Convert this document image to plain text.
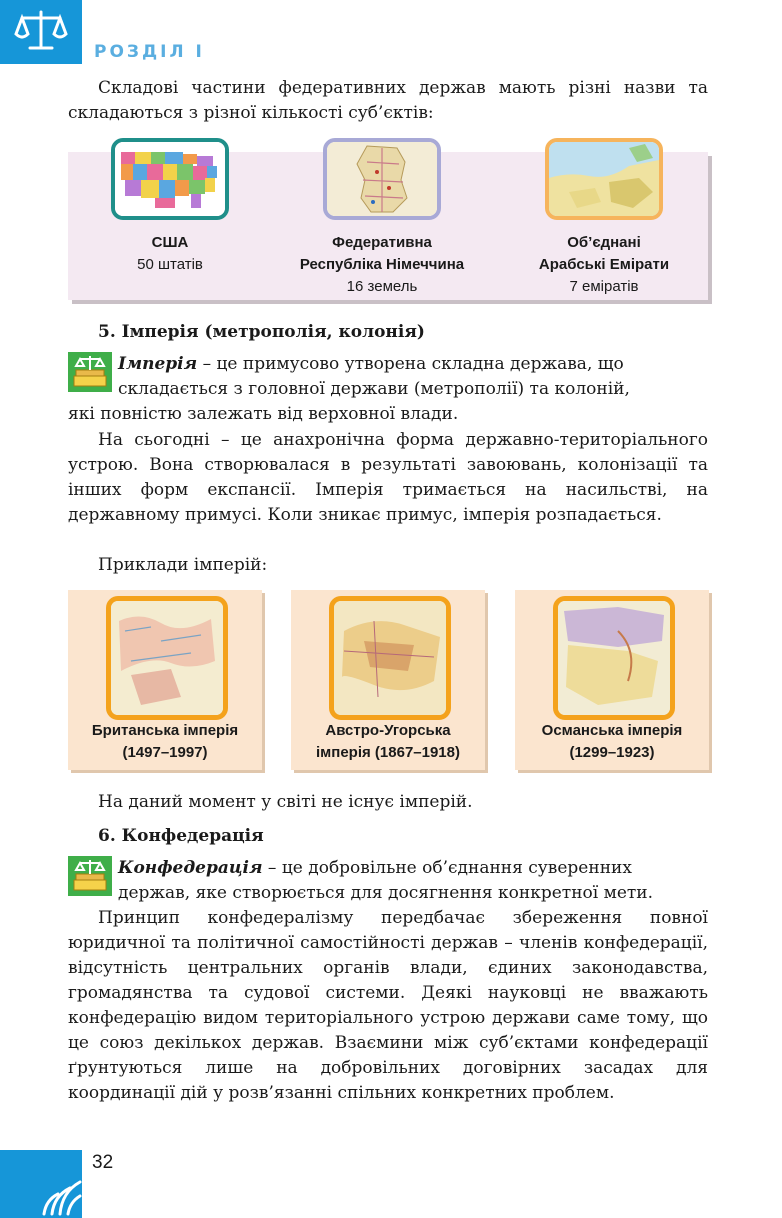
РОЗДІЛ І

Складові частини федеративних держав мають різні назви та складаються з різної кількості суб’єктів:

США
50 штатів
Федеративна
Республіка Німеччина
16 земель
Об’єднані
Арабські Емірати
7 еміратів

5. Імперія (метрополія, колонія)

Імперія – це примусово утворена складна держава, що

складається з головної держави (метрополії) та колоній,

які повністю залежать від верховної влади.

На сьогодні – це анахронічна форма державно-територіального устрою. Вона створювалася в результаті завоювань, колонізації та інших форм експансії. Імперія тримається на насильстві, на державному примусі. Коли зникає примус, імперія розпадається.

Приклади імперій:

Британська імперія
(1497–1997)
Австро-Угорська
імперія (1867–1918)
Османська імперія
(1299–1923)

На даний момент у світі не існує імперій.

6. Конфедерація

Конфедерація – це добровільне об’єднання суверенних

держав, яке створюється для досягнення конкретної мети.

Принцип конфедералізму передбачає збереження повної юридичної та політичної самостійності держав – членів конфедерації, відсутність центральних органів влади, єдиних законодавства, громадянства та судової системи. Деякі науковці не вважають конфедерацію видом територіального устрою держави саме тому, що це союз декількох держав. Взаємини між суб’єктами конфедерації ґрунтуються лише на добровільних договірних засадах для координації дій у розв’язанні спільних конкретних проблем.

32
